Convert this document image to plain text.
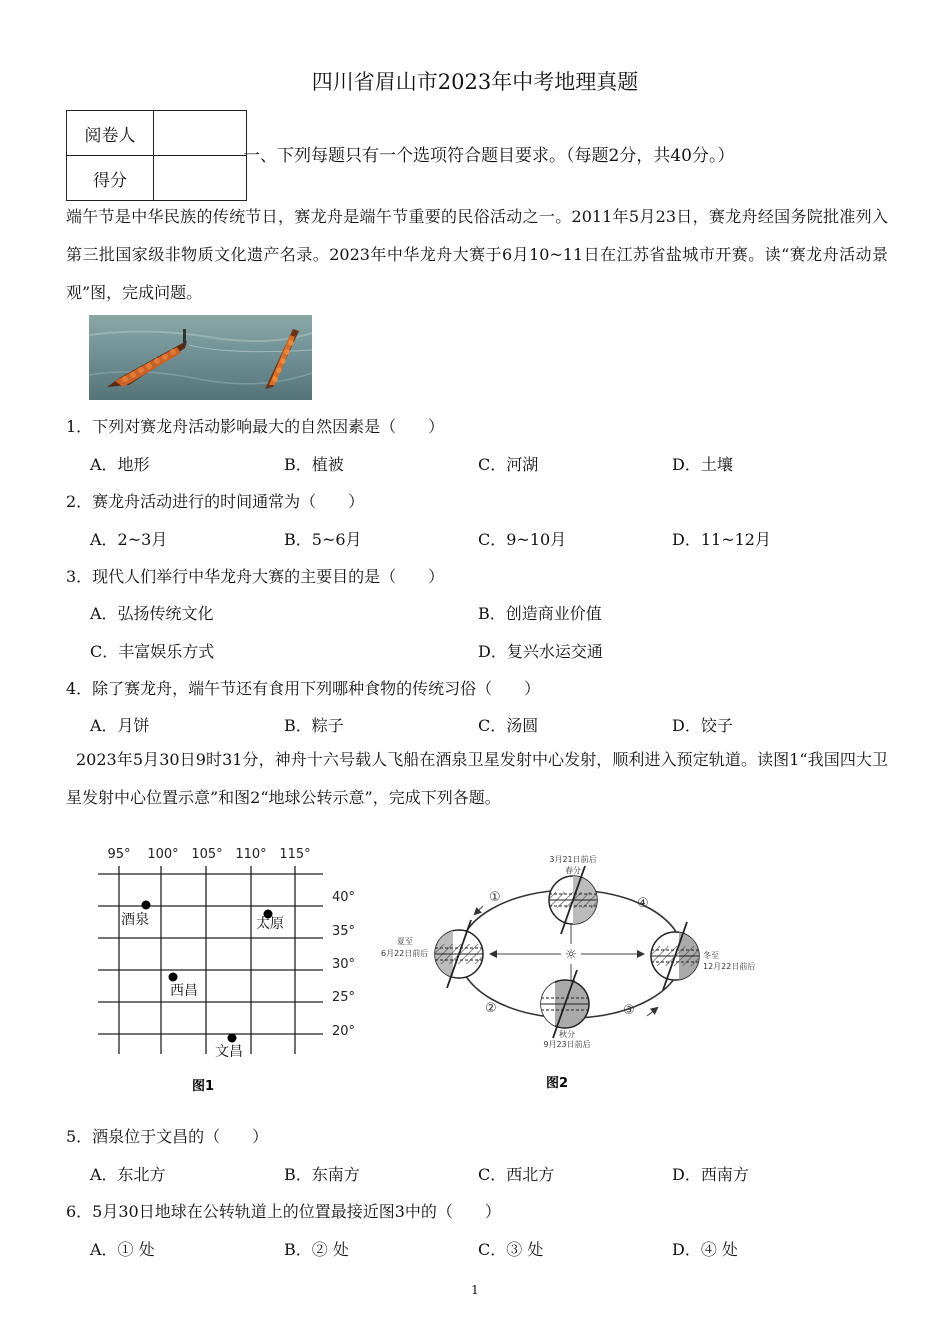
四川省眉山市2023年中考地理真题
阅卷人	
得分	
一、下列每题只有一个选项符合题目要求。（每题2分，共40分。）
端午节是中华民族的传统节日，赛龙舟是端午节重要的民俗活动之一。2011年5月23日，赛龙舟经国务院批准列入第三批国家级非物质文化遗产名录。2023年中华龙舟大赛于6月10~11日在江苏省盐城市开赛。读“赛龙舟活动景观”图，完成问题。
1．下列对赛龙舟活动影响最大的自然因素是（　　）
A．地形	B．植被	C．河湖	D．土壤
2．赛龙舟活动进行的时间通常为（　　）
A．2~3月	B．5~6月	C．9~10月	D．11~12月
3．现代人们举行中华龙舟大赛的主要目的是（　　）
A．弘扬传统文化	B．创造商业价值
C．丰富娱乐方式	D．复兴水运交通
4．除了赛龙舟，端午节还有食用下列哪种食物的传统习俗（　　）
A．月饼	B．粽子	C．汤圆	D．饺子
2023年5月30日9时31分，神舟十六号载人飞船在酒泉卫星发射中心发射，顺利进入预定轨道。读图1“我国四大卫星发射中心位置示意”和图2“地球公转示意”，完成下列各题。
95° 100° 105° 110° 115°
40°
35°
30°
25°
20°
酒泉	太原
西昌
文昌
图1
☼
3月21日前后
春分
夏至
6月22日前后	冬至
12月22日前后
秋分
9月23日前后
①
②	③
④
图2
5．酒泉位于文昌的（　　）
A．东北方	B．东南方	C．西北方	D．西南方
6．5月30日地球在公转轨道上的位置最接近图3中的（　　）
A．① 处	B．② 处	C．③ 处	D．④ 处
1
